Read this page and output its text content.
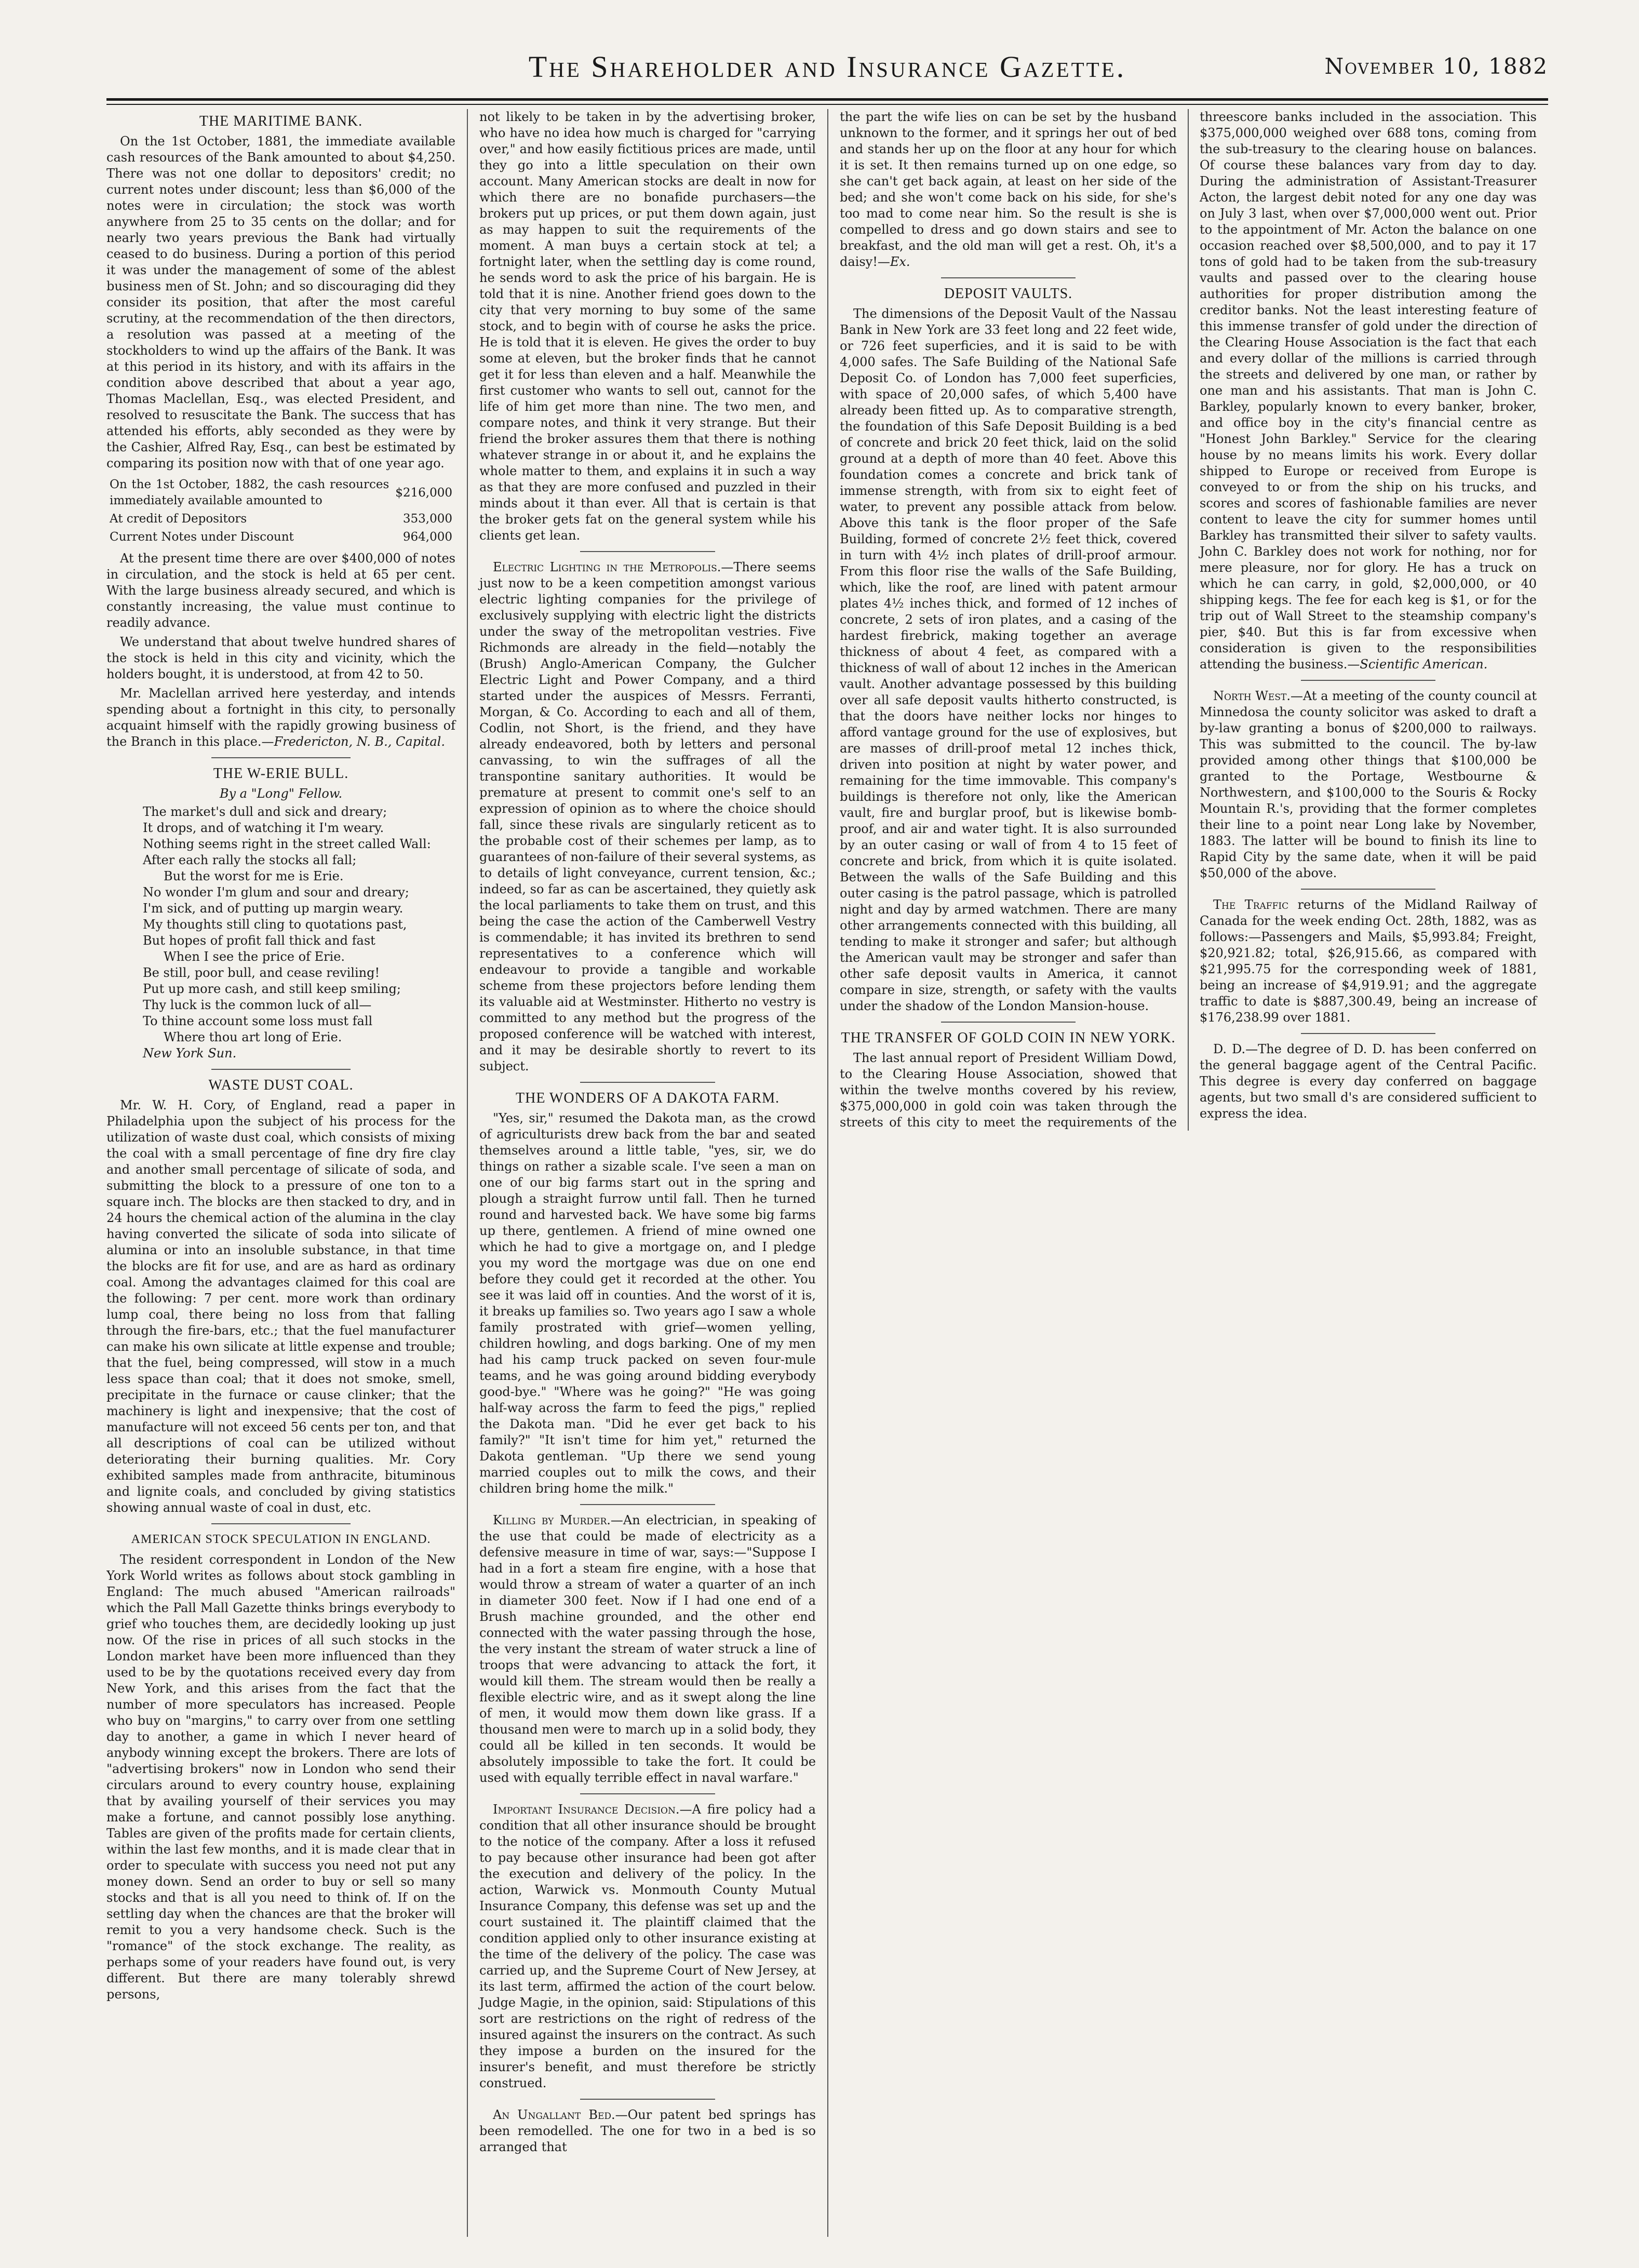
The Shareholder and Insurance Gazette.	November 10, 1882
THE MARITIME BANK.

On the 1st October, 1881, the immediate available cash resources of the Bank amounted to about $4,250. There was not one dollar to depositors' credit; no current notes under discount; less than $6,000 of the notes were in circulation; the stock was worth anywhere from 25 to 35 cents on the dollar; and for nearly two years previous the Bank had virtually ceased to do business. During a portion of this period it was under the management of some of the ablest business men of St. John; and so discouraging did they consider its position, that after the most careful scrutiny, at the recommendation of the then directors, a resolution was passed at a meeting of the stockholders to wind up the affairs of the Bank. It was at this period in its history, and with its affairs in the condition above described that about a year ago, Thomas Maclellan, Esq., was elected President, and resolved to resuscitate the Bank. The success that has attended his efforts, ably seconded as they were by the Cashier, Alfred Ray, Esq., can best be estimated by comparing its position now with that of one year ago.

On the 1st October, 1882, the cash resources immediately available amounted to	$216,000
At credit of Depositors	353,000
Current Notes under Discount	964,000

At the present time there are over $400,000 of notes in circulation, and the stock is held at 65 per cent. With the large business already secured, and which is constantly increasing, the value must continue to readily advance.

We understand that about twelve hundred shares of the stock is held in this city and vicinity, which the holders bought, it is understood, at from 42 to 50.

Mr. Maclellan arrived here yesterday, and intends spending about a fortnight in this city, to personally acquaint himself with the rapidly growing business of the Branch in this place.—Fredericton, N. B., Capital.

THE W-ERIE BULL.
By a "Long" Fellow.
The market's dull and sick and dreary;
It drops, and of watching it I'm weary.
Nothing seems right in the street called Wall:
After each rally the stocks all fall;
But the worst for me is Erie.
No wonder I'm glum and sour and dreary;
I'm sick, and of putting up margin weary.
My thoughts still cling to quotations past,
But hopes of profit fall thick and fast
When I see the price of Erie.
Be still, poor bull, and cease reviling!
Put up more cash, and still keep smiling;
Thy luck is the common luck of all—
To thine account some loss must fall
Where thou art long of Erie.
New York Sun.
WASTE DUST COAL.

Mr. W. H. Cory, of England, read a paper in Philadelphia upon the subject of his process for the utilization of waste dust coal, which consists of mixing the coal with a small percentage of fine dry fire clay and another small percentage of silicate of soda, and submitting the block to a pressure of one ton to a square inch. The blocks are then stacked to dry, and in 24 hours the chemical action of the alumina in the clay having converted the silicate of soda into silicate of alumina or into an insoluble substance, in that time the blocks are fit for use, and are as hard as ordinary coal. Among the advantages claimed for this coal are the following: 7 per cent. more work than ordinary lump coal, there being no loss from that falling through the fire-bars, etc.; that the fuel manufacturer can make his own silicate at little expense and trouble; that the fuel, being compressed, will stow in a much less space than coal; that it does not smoke, smell, precipitate in the furnace or cause clinker; that the machinery is light and inexpensive; that the cost of manufacture will not exceed 56 cents per ton, and that all descriptions of coal can be utilized without deteriorating their burning qualities. Mr. Cory exhibited samples made from anthracite, bituminous and lignite coals, and concluded by giving statistics showing annual waste of coal in dust, etc.

AMERICAN STOCK SPECULATION IN ENGLAND.

The resident correspondent in London of the New York World writes as follows about stock gambling in England: The much abused "American railroads" which the Pall Mall Gazette thinks brings everybody to grief who touches them, are decidedly looking up just now. Of the rise in prices of all such stocks in the London market have been more influenced than they used to be by the quotations received every day from New York, and this arises from the fact that the number of more speculators has increased. People who buy on "margins," to carry over from one settling day to another, a game in which I never heard of anybody winning except the brokers. There are lots of "advertising brokers" now in London who send their circulars around to every country house, explaining that by availing yourself of their services you may make a fortune, and cannot possibly lose anything. Tables are given of the profits made for certain clients, within the last few months, and it is made clear that in order to speculate with success you need not put any money down. Send an order to buy or sell so many stocks and that is all you need to think of. If on the settling day when the chances are that the broker will remit to you a very handsome check. Such is the "romance" of the stock exchange. The reality, as perhaps some of your readers have found out, is very different. But there are many tolerably shrewd persons,

not likely to be taken in by the advertising broker, who have no idea how much is charged for "carrying over," and how easily fictitious prices are made, until they go into a little speculation on their own account. Many American stocks are dealt in now for which there are no bonafide purchasers—the brokers put up prices, or put them down again, just as may happen to suit the requirements of the moment. A man buys a certain stock at tel; a fortnight later, when the settling day is come round, he sends word to ask the price of his bargain. He is told that it is nine. Another friend goes down to the city that very morning to buy some of the same stock, and to begin with of course he asks the price. He is told that it is eleven. He gives the order to buy some at eleven, but the broker finds that he cannot get it for less than eleven and a half. Meanwhile the first customer who wants to sell out, cannot for the life of him get more than nine. The two men, and compare notes, and think it very strange. But their friend the broker assures them that there is nothing whatever strange in or about it, and he explains the whole matter to them, and explains it in such a way as that they are more confused and puzzled in their minds about it than ever. All that is certain is that the broker gets fat on the general system while his clients get lean.

Electric Lighting in the Metropolis.—There seems just now to be a keen competition amongst various electric lighting companies for the privilege of exclusively supplying with electric light the districts under the sway of the metropolitan vestries. Five Richmonds are already in the field—notably the (Brush) Anglo-American Company, the Gulcher Electric Light and Power Company, and a third started under the auspices of Messrs. Ferranti, Morgan, & Co. According to each and all of them, Codlin, not Short, is the friend, and they have already endeavored, both by letters and personal canvassing, to win the suffrages of all the transpontine sanitary authorities. It would be premature at present to commit one's self to an expression of opinion as to where the choice should fall, since these rivals are singularly reticent as to the probable cost of their schemes per lamp, as to guarantees of non-failure of their several systems, as to details of light conveyance, current tension, &c.; indeed, so far as can be ascertained, they quietly ask the local parliaments to take them on trust, and this being the case the action of the Camberwell Vestry is commendable; it has invited its brethren to send representatives to a conference which will endeavour to provide a tangible and workable scheme from these projectors before lending them its valuable aid at Westminster. Hitherto no vestry is committed to any method but the progress of the proposed conference will be watched with interest, and it may be desirable shortly to revert to its subject.

THE WONDERS OF A DAKOTA FARM.

"Yes, sir," resumed the Dakota man, as the crowd of agriculturists drew back from the bar and seated themselves around a little table, "yes, sir, we do things on rather a sizable scale. I've seen a man on one of our big farms start out in the spring and plough a straight furrow until fall. Then he turned round and harvested back. We have some big farms up there, gentlemen. A friend of mine owned one which he had to give a mortgage on, and I pledge you my word the mortgage was due on one end before they could get it recorded at the other. You see it was laid off in counties. And the worst of it is, it breaks up families so. Two years ago I saw a whole family prostrated with grief—women yelling, children howling, and dogs barking. One of my men had his camp truck packed on seven four-mule teams, and he was going around bidding everybody good-bye." "Where was he going?" "He was going half-way across the farm to feed the pigs," replied the Dakota man. "Did he ever get back to his family?" "It isn't time for him yet," returned the Dakota gentleman. "Up there we send young married couples out to milk the cows, and their children bring home the milk."

Killing by Murder.—An electrician, in speaking of the use that could be made of electricity as a defensive measure in time of war, says:—"Suppose I had in a fort a steam fire engine, with a hose that would throw a stream of water a quarter of an inch in diameter 300 feet. Now if I had one end of a Brush machine grounded, and the other end connected with the water passing through the hose, the very instant the stream of water struck a line of troops that were advancing to attack the fort, it would kill them. The stream would then be really a flexible electric wire, and as it swept along the line of men, it would mow them down like grass. If a thousand men were to march up in a solid body, they could all be killed in ten seconds. It would be absolutely impossible to take the fort. It could be used with equally terrible effect in naval warfare."

Important Insurance Decision.—A fire policy had a condition that all other insurance should be brought to the notice of the company. After a loss it refused to pay because other insurance had been got after the execution and delivery of the policy. In the action, Warwick vs. Monmouth County Mutual Insurance Company, this defense was set up and the court sustained it. The plaintiff claimed that the condition applied only to other insurance existing at the time of the delivery of the policy. The case was carried up, and the Supreme Court of New Jersey, at its last term, affirmed the action of the court below. Judge Magie, in the opinion, said: Stipulations of this sort are restrictions on the right of redress of the insured against the insurers on the contract. As such they impose a burden on the insured for the insurer's benefit, and must therefore be strictly construed.

An Ungallant Bed.—Our patent bed springs has been remodelled. The one for two in a bed is so arranged that

the part the wife lies on can be set by the husband unknown to the former, and it springs her out of bed and stands her up on the floor at any hour for which it is set. It then remains turned up on one edge, so she can't get back again, at least on her side of the bed; and she won't come back on his side, for she's too mad to come near him. So the result is she is compelled to dress and go down stairs and see to breakfast, and the old man will get a rest. Oh, it's a daisy!—Ex.

DEPOSIT VAULTS.

The dimensions of the Deposit Vault of the Nassau Bank in New York are 33 feet long and 22 feet wide, or 726 feet superficies, and it is said to be with 4,000 safes. The Safe Building of the National Safe Deposit Co. of London has 7,000 feet superficies, with space of 20,000 safes, of which 5,400 have already been fitted up. As to comparative strength, the foundation of this Safe Deposit Building is a bed of concrete and brick 20 feet thick, laid on the solid ground at a depth of more than 40 feet. Above this foundation comes a concrete and brick tank of immense strength, with from six to eight feet of water, to prevent any possible attack from below. Above this tank is the floor proper of the Safe Building, formed of concrete 2½ feet thick, covered in turn with 4½ inch plates of drill-proof armour. From this floor rise the walls of the Safe Building, which, like the roof, are lined with patent armour plates 4½ inches thick, and formed of 12 inches of concrete, 2 sets of iron plates, and a casing of the hardest firebrick, making together an average thickness of about 4 feet, as compared with a thickness of wall of about 12 inches in the American vault. Another advantage possessed by this building over all safe deposit vaults hitherto constructed, is that the doors have neither locks nor hinges to afford vantage ground for the use of explosives, but are masses of drill-proof metal 12 inches thick, driven into position at night by water power, and remaining for the time immovable. This company's buildings is therefore not only, like the American vault, fire and burglar proof, but is likewise bomb-proof, and air and water tight. It is also surrounded by an outer casing or wall of from 4 to 15 feet of concrete and brick, from which it is quite isolated. Between the walls of the Safe Building and this outer casing is the patrol passage, which is patrolled night and day by armed watchmen. There are many other arrangements connected with this building, all tending to make it stronger and safer; but although the American vault may be stronger and safer than other safe deposit vaults in America, it cannot compare in size, strength, or safety with the vaults under the shadow of the London Mansion-house.

THE TRANSFER OF GOLD COIN IN NEW YORK.

The last annual report of President William Dowd, to the Clearing House Association, showed that within the twelve months covered by his review, $375,000,000 in gold coin was taken through the streets of this city to meet the requirements of the threescore banks included in the association. This $375,000,000 weighed over 688 tons, coming from the sub-treasury to the clearing house on balances. Of course these balances vary from day to day. During the administration of Assistant-Treasurer Acton, the largest debit noted for any one day was on July 3 last, when over $7,000,000 went out. Prior to the appointment of Mr. Acton the balance on one occasion reached over $8,500,000, and to pay it 17 tons of gold had to be taken from the sub-treasury vaults and passed over to the clearing house authorities for proper distribution among the creditor banks. Not the least interesting feature of this immense transfer of gold under the direction of the Clearing House Association is the fact that each and every dollar of the millions is carried through the streets and delivered by one man, or rather by one man and his assistants. That man is John C. Barkley, popularly known to every banker, broker, and office boy in the city's financial centre as "Honest John Barkley." Service for the clearing house by no means limits his work. Every dollar shipped to Europe or received from Europe is conveyed to or from the ship on his trucks, and scores and scores of fashionable families are never content to leave the city for summer homes until Barkley has transmitted their silver to safety vaults. John C. Barkley does not work for nothing, nor for mere pleasure, nor for glory. He has a truck on which he can carry, in gold, $2,000,000, or 40 shipping kegs. The fee for each keg is $1, or for the trip out of Wall Street to the steamship company's pier, $40. But this is far from excessive when consideration is given to the responsibilities attending the business.—Scientific American.

North West.—At a meeting of the county council at Minnedosa the county solicitor was asked to draft a by-law granting a bonus of $200,000 to railways. This was submitted to the council. The by-law provided among other things that $100,000 be granted to the Portage, Westbourne & Northwestern, and $100,000 to the Souris & Rocky Mountain R.'s, providing that the former completes their line to a point near Long lake by November, 1883. The latter will be bound to finish its line to Rapid City by the same date, when it will be paid $50,000 of the above.

The Traffic returns of the Midland Railway of Canada for the week ending Oct. 28th, 1882, was as follows:—Passengers and Mails, $5,993.84; Freight, $20,921.82; total, $26,915.66, as compared with $21,995.75 for the corresponding week of 1881, being an increase of $4,919.91; and the aggregate traffic to date is $887,300.49, being an increase of $176,238.99 over 1881.

D. D.—The degree of D. D. has been conferred on the general baggage agent of the Central Pacific. This degree is every day conferred on baggage agents, but two small d's are considered sufficient to express the idea.
